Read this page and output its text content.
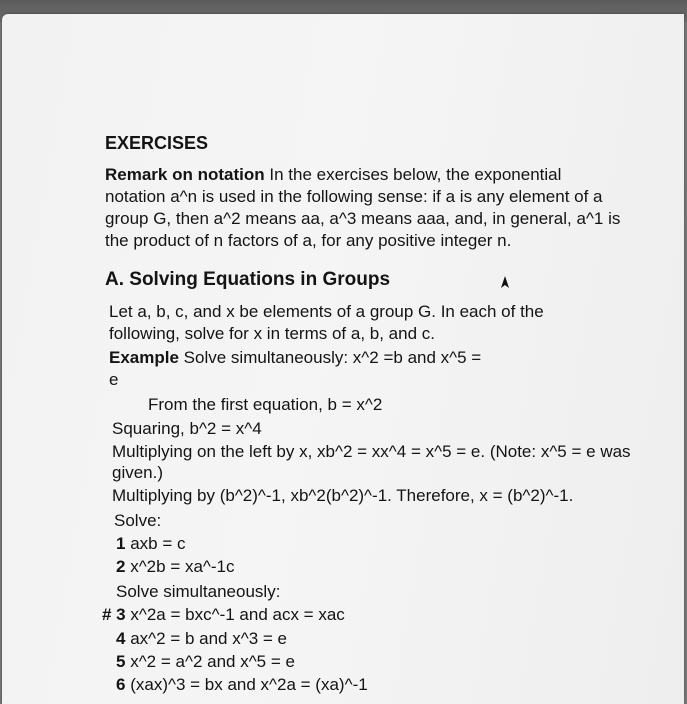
EXERCISES
Remark on notation In the exercises below, the exponential
notation a^n is used in the following sense: if a is any element of a
group G, then a^2 means aa, a^3 means aaa, and, in general, a^1 is
the product of n factors of a, for any positive integer n.
A. Solving Equations in Groups
Let a, b, c, and x be elements of a group G. In each of the
following, solve for x in terms of a, b, and c.
Example Solve simultaneously: x^2 =b and x^5 =
e
From the first equation, b = x^2
Squaring, b^2 = x^4
Multiplying on the left by x, xb^2 = xx^4 = x^5 = e. (Note: x^5 = e was
given.)
Multiplying by (b^2)^-1, xb^2(b^2)^-1. Therefore, x = (b^2)^-1.
Solve:
1 axb = c
2 x^2b = xa^-1c
Solve simultaneously:
# 3 x^2a = bxc^-1 and acx = xac
4 ax^2 = b and x^3 = e
5 x^2 = a^2 and x^5 = e
6 (xax)^3 = bx and x^2a = (xa)^-1
